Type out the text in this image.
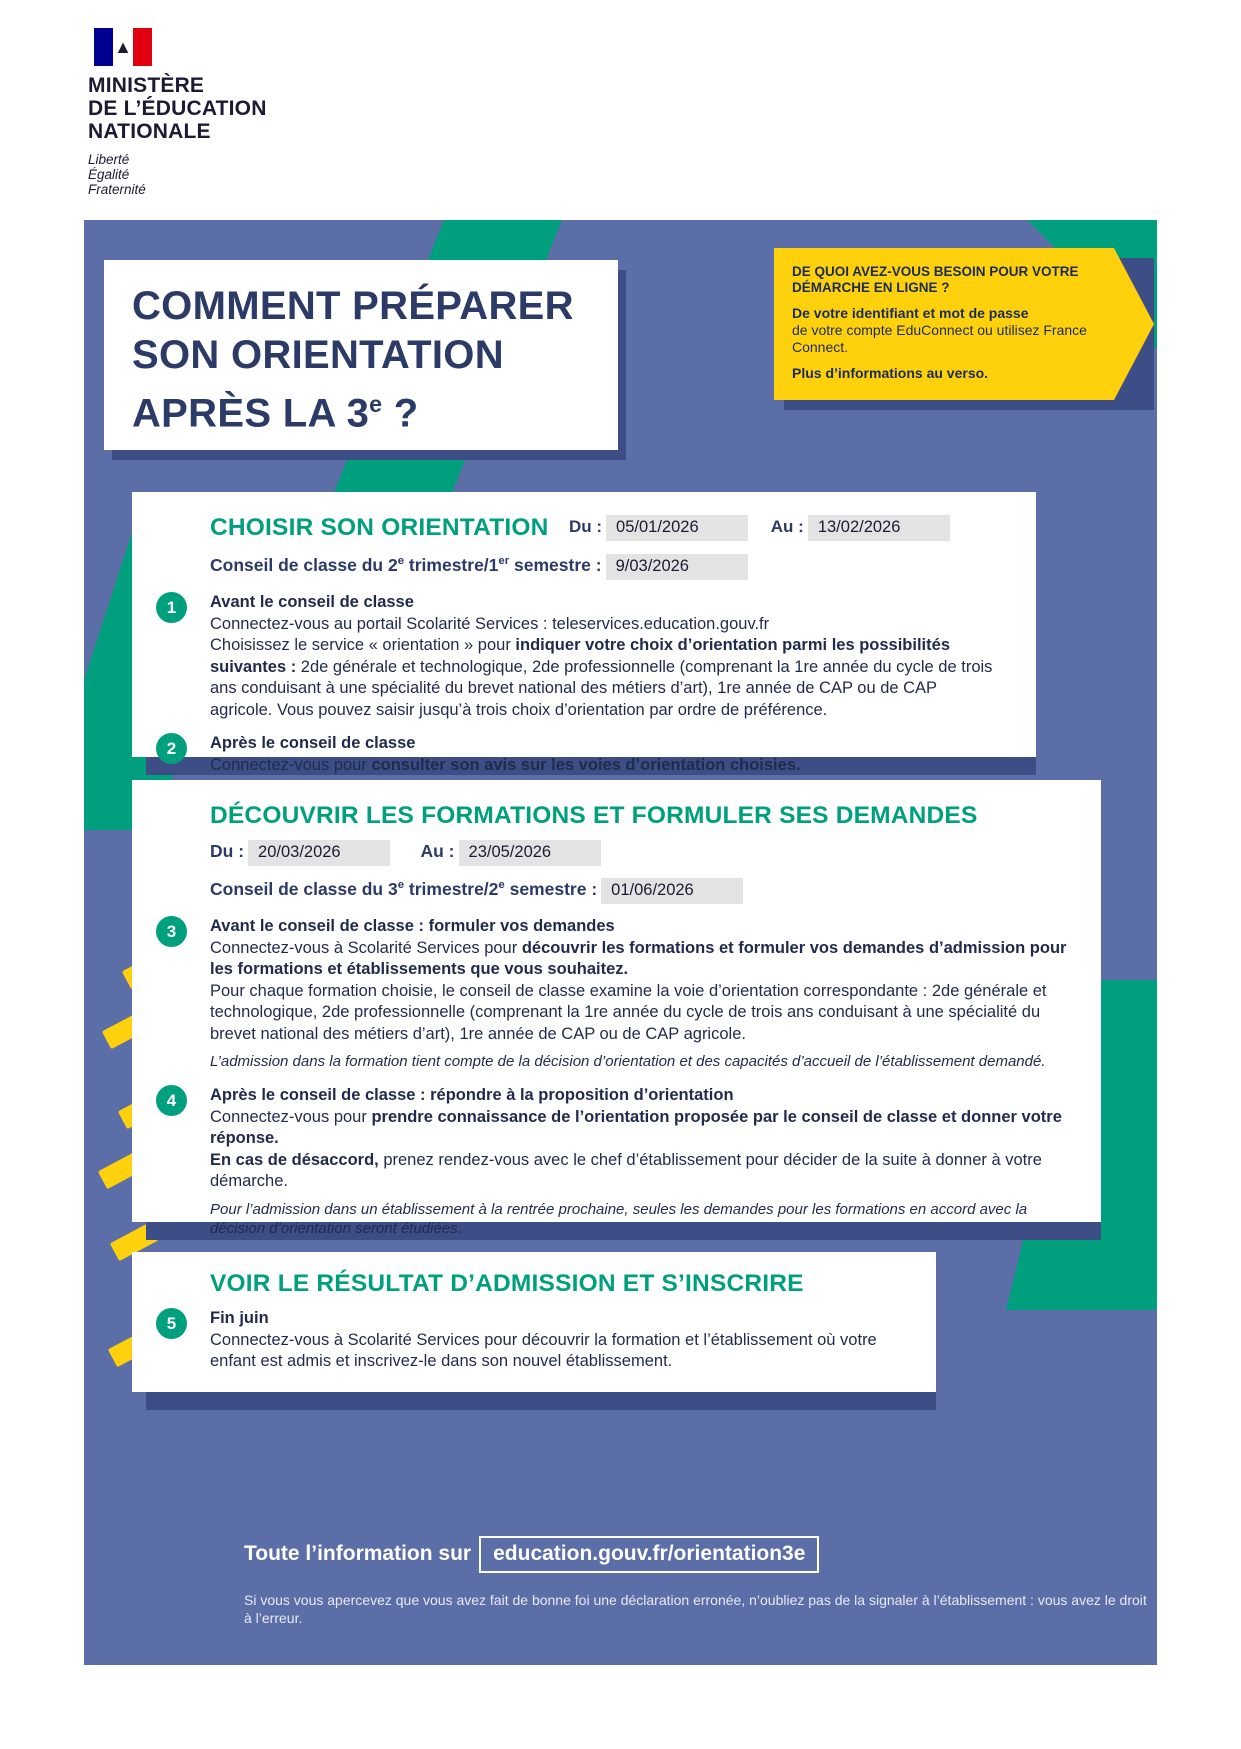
▲
MINISTÈRE
DE L’ÉDUCATION
NATIONALE
Liberté
Égalité
Fraternité
COMMENT PRÉPARER
SON ORIENTATION
APRÈS LA 3e ?
DE QUOI AVEZ-VOUS BESOIN POUR VOTRE DÉMARCHE EN LIGNE ?
De votre identifiant et mot de passe
de votre compte EduConnect ou utilisez France Connect.
Plus d’informations au verso.
CHOISIR SON ORIENTATION Du : 05/01/2026	Au : 13/02/2026
Conseil de classe du 2e trimestre/1er semestre : 9/03/2026
1	Avant le conseil de classe

Connectez-vous au portail Scolarité Services : teleservices.education.gouv.fr

Choisissez le service « orientation » pour indiquer votre choix d’orientation parmi les possibilités suivantes : 2de générale et technologique, 2de professionnelle (comprenant la 1re année du cycle de trois ans conduisant à une spécialité du brevet national des métiers d’art), 1re année de CAP ou de CAP agricole. Vous pouvez saisir jusqu’à trois choix d’orientation par ordre de préférence.

2	Après le conseil de classe

Connectez-vous pour consulter son avis sur les voies d’orientation choisies.

DÉCOUVRIR LES FORMATIONS ET FORMULER SES DEMANDES
Du : 20/03/2026	Au : 23/05/2026
Conseil de classe du 3e trimestre/2e semestre : 01/06/2026
3	Avant le conseil de classe : formuler vos demandes

Connectez-vous à Scolarité Services pour découvrir les formations et formuler vos demandes d’admission pour les formations et établissements que vous souhaitez.

Pour chaque formation choisie, le conseil de classe examine la voie d’orientation correspondante : 2de générale et technologique, 2de professionnelle (comprenant la 1re année du cycle de trois ans conduisant à une spécialité du brevet national des métiers d’art), 1re année de CAP ou de CAP agricole.

L’admission dans la formation tient compte de la décision d’orientation et des capacités d’accueil de l’établissement demandé.

4	Après le conseil de classe : répondre à la proposition d’orientation

Connectez-vous pour prendre connaissance de l’orientation proposée par le conseil de classe et donner votre réponse.

En cas de désaccord, prenez rendez-vous avec le chef d’établissement pour décider de la suite à donner à votre démarche.

Pour l’admission dans un établissement à la rentrée prochaine, seules les demandes pour les formations en accord avec la décision d’orientation seront étudiées.

VOIR LE RÉSULTAT D’ADMISSION ET S’INSCRIRE
5	Fin juin

Connectez-vous à Scolarité Services pour découvrir la formation et l’établissement où votre enfant est admis et inscrivez-le dans son nouvel établissement.

Toute l’information sur education.gouv.fr/orientation3e
Si vous vous apercevez que vous avez fait de bonne foi une déclaration erronée, n’oubliez pas de la signaler à l’établissement : vous avez le droit à l’erreur.
